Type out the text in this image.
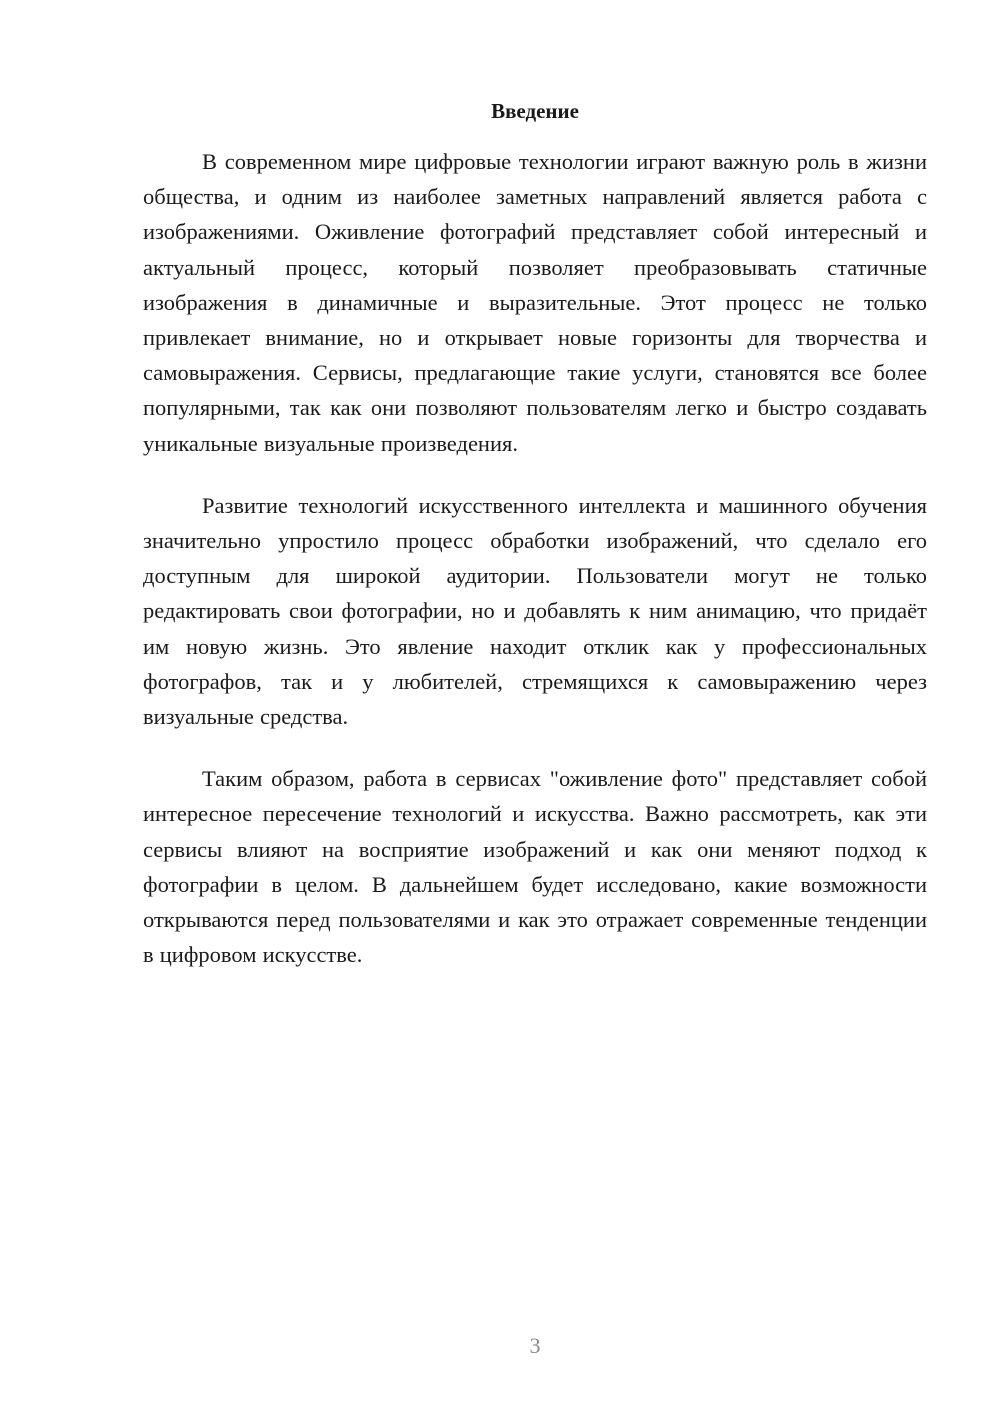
Введение

В современном мире цифровые технологии играют важную роль в жизни общества, и одним из наиболее заметных направлений является работа с изображениями. Оживление фотографий представляет собой интересный и актуальный процесс, который позволяет преобразовывать статичные изображения в динамичные и выразительные. Этот процесс не только привлекает внимание, но и открывает новые горизонты для творчества и самовыражения. Сервисы, предлагающие такие услуги, становятся все более популярными, так как они позволяют пользователям легко и быстро создавать уникальные визуальные произведения.

Развитие технологий искусственного интеллекта и машинного обучения значительно упростило процесс обработки изображений, что сделало его доступным для широкой аудитории. Пользователи могут не только редактировать свои фотографии, но и добавлять к ним анимацию, что придаёт им новую жизнь. Это явление находит отклик как у профессиональных фотографов, так и у любителей, стремящихся к самовыражению через визуальные средства.

Таким образом, работа в сервисах "оживление фото" представляет собой интересное пересечение технологий и искусства. Важно рассмотреть, как эти сервисы влияют на восприятие изображений и как они меняют подход к фотографии в целом. В дальнейшем будет исследовано, какие возможности открываются перед пользователями и как это отражает современные тенденции в цифровом искусстве.

3
